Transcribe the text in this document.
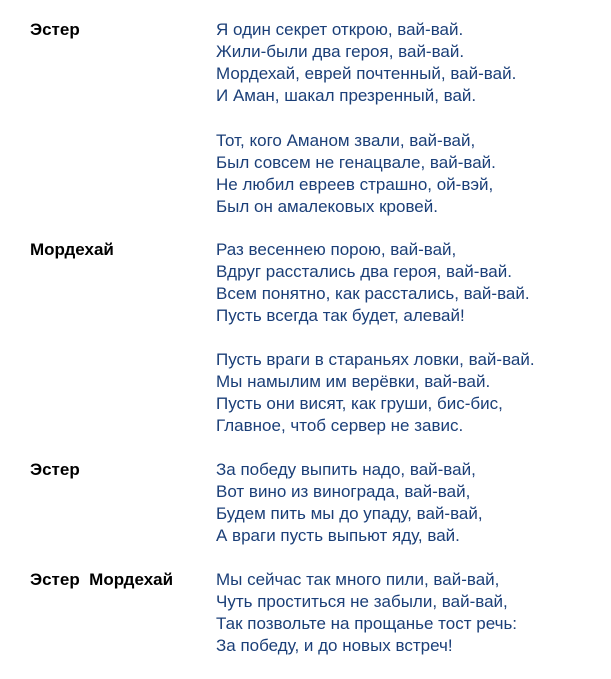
Эстер	Я один секрет открою, вай-вай.
Жили-были два героя, вай-вай.
Мордехай, еврей почтенный, вай-вай.
И Аман, шакал презренный, вай.
Тот, кого Аманом звали, вай-вай,
Был совсем не генацвале, вай-вай.
Не любил евреев страшно, ой-вэй,
Был он амалековых кровей.
Мордехай	Раз весеннею порою, вай-вай,
Вдруг расстались два героя, вай-вай.
Всем понятно, как расстались, вай-вай.
Пусть всегда так будет, алевай!
Пусть враги в стараньях ловки, вай-вай.
Мы намылим им верёвки, вай-вай.
Пусть они висят, как груши, бис-бис,
Главное, чтоб сервер не завис.
Эстер	За победу выпить надо, вай-вай,
Вот вино из винограда, вай-вай,
Будем пить мы до упаду, вай-вай,
А враги пусть выпьют яду, вай.
Эстер  Мордехай	Мы сейчас так много пили, вай-вай,
Чуть проститься не забыли, вай-вай,
Так позвольте на прощанье тост речь:
За победу, и до новых встреч!
